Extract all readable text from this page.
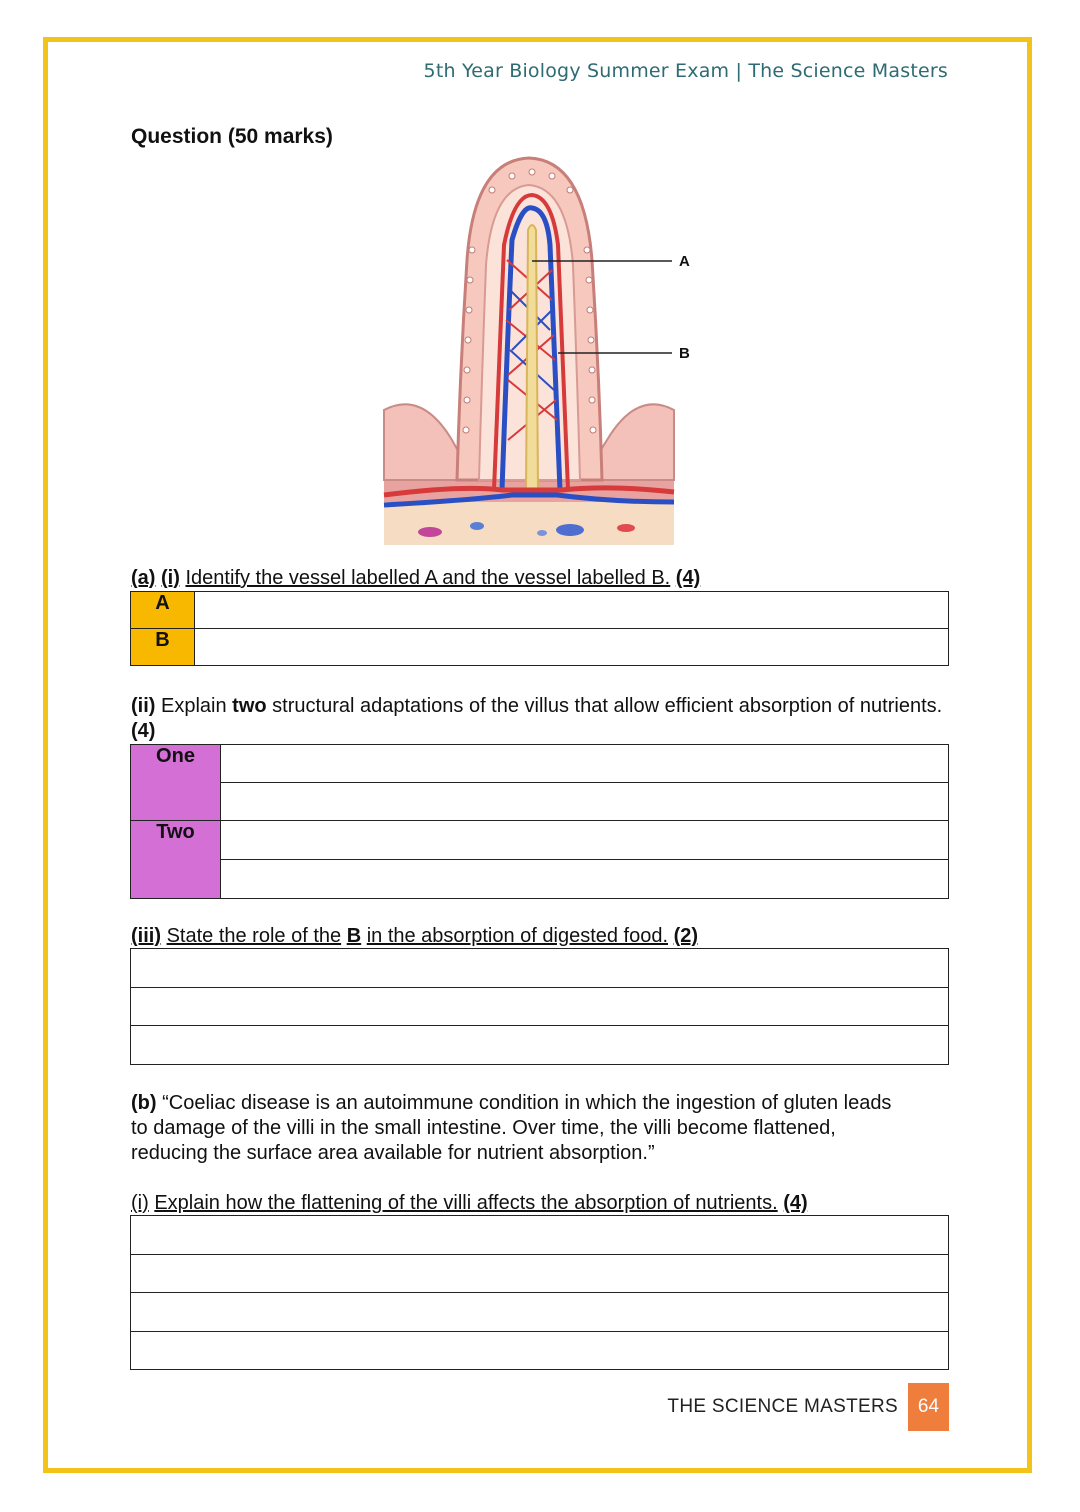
5th Year Biology Summer Exam | The Science Masters
Question (50 marks)
A
B
(a) (i) Identify the vessel labelled A and the vessel labelled B. (4)
A	
B	
(ii) Explain two structural adaptations of the villus that allow efficient absorption of nutrients. (4)
One	

Two	

(iii) State the role of the B in the absorption of digested food. (2)

(b) “Coeliac disease is an autoimmune condition in which the ingestion of gluten leads to damage of the villi in the small intestine. Over time, the villi become flattened, reducing the surface area available for nutrient absorption.”
(i) Explain how the flattening of the villi affects the absorption of nutrients. (4)

THE SCIENCE MASTERS	64
